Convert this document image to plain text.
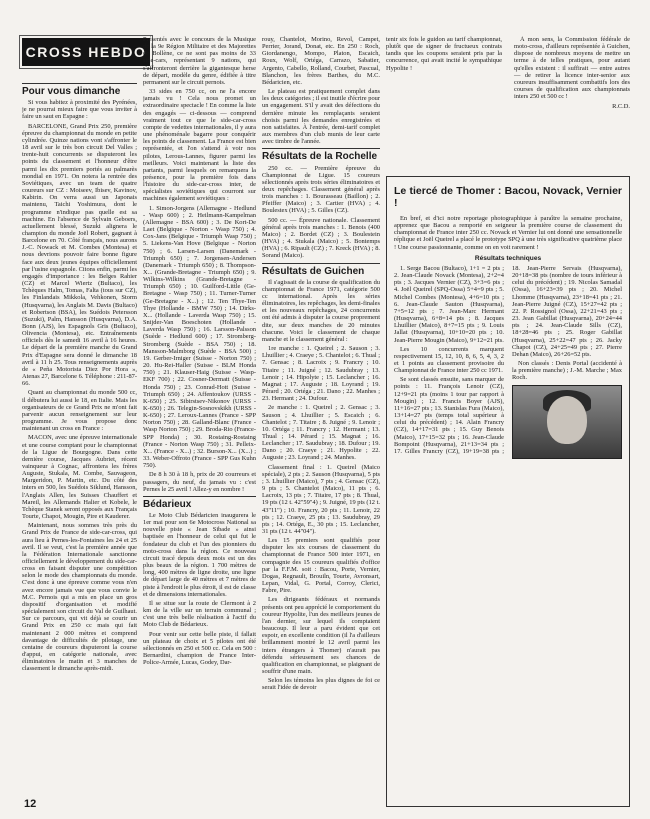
CROSS HEBDO
Pour vous dimanche

Si vous habitez à proximité des Pyrénées, je ne pourrai mieux faire que vous inviter à faire un saut en Espagne :

BARCELONE, Grand Prix 250, première épreuve du championnat du monde en petite cylindrée. Quinze nations vont s'affronter le 18 avril sur le très bon circuit Del Valles ; trente-huit concurrents se disputeront les points du classement et l'honneur d'être parmi les dix premiers portés au palmarès mondial en 1971. On notera la rentrée des Soviétiques, avec un team de quatre coureurs sur CZ : Moiseev, Ibisev, Kavinov, Kabirin. On verra aussi un Japonais maintenu, Taichi Yoshimura, dont le programme n'indique pas quelle est sa machine. En l'absence de Sylvain Geboers, actuellement blessé, Suzuki alignera le champion du monde Joël Robert, gagnant à Barcelone en 70. Côté français, nous aurons J.-C. Nowack et M. Combes (Montesa) et nous devrions pouvoir faire bonne figure face aux deux jeunes équipes officiellement par l'usine espagnole. Citons enfin, parmi les engagés d'importance : les Belges Rahier (CZ) et Marcel Wiertz (Bultaco), les Tchèques Halm, Tomas, Falta (tous sur CZ), les Finlandais Mikkola, Vehkonen, Storm (Husqvarna), les Anglais M. Davis (Bultaco) et Robertson (BSA), les Suédois Petersson (Suzuki), Palm, Hansson (Husqvarna), D.A. Bonn (AJS), les Espagnols Gris (Bultaco), Olivencia (Montesa), etc. Entraînements officiels dès le samedi 16 avril à 16 heures. Le départ de la première manche du Grand Prix d'Espagne sera donné le dimanche 18 avril à 11 h 25. Tous renseignements auprès de « Peña Motorista Diez Por Hora », Atenas 27, Barcelone 6. Téléphone : 211-87-66.

Quant au championnat du monde 500 cc, il débutera lui aussi le 18, en Italie. Mais les organisateurs de ce Grand Prix ne m'ont fait parvenir aucun renseignement sur leur programme. Je vous propose donc maintenant un cross en France :

MACON, avec une épreuve internationale et une course comptant pour le championnat de la Ligue de Bourgogne. Dans cette dernière course, Jacques Aubriet, récent vainqueur à Cognac, affrontera les frères Auguste, Stukala, M. Combe, Sauvageon, Margeridon, P. Martin, etc. Du côté des inters en 500, les Suédois Siklund, Hansson, l'Anglais Allen, les Suisses Chauffert et Mareil, les Allemands Halier et Kobele, le Tchèque Stanek seront opposés aux Français Tourte, Chapot, Mougin, Pire et Kauderer.

Maintenant, nous sommes très près du Grand Prix de France de side-car-cross, qui aura lieu à Pernes-les-Fontaines les 24 et 25 avril. Il se veut, c'est la première année que la Fédération Internationale sanctionne officiellement le développement du side-car-cross en faisant disputer une compétition selon le mode des championnats du monde. C'est donc à une épreuve comme vous n'en avez encore jamais vue que vous convie le M.C. Pernois qui a mis en place un gros dispositif d'organisation et modifié spécialement son circuit du Val de Guilhaut. Sur ce parcours, qui vit déjà se courir un Grand Prix en 250 cc mais qui fait maintenant 2 000 mètres et comprend davantage de difficultés de pilotage, une centaine de coureurs disputeront la course d'appui, en catégorie nationale, avec éliminatoires le matin et 3 manches de classement le dimanche après-midi.

Présentés avec le concours de la Musique de la 9e Région Militaire et des Majorettes de Bollène, ce ne sont pas moins de 33 side-cars, représentant 9 nations, qui s'affronteront derrière la gigantesque herse de départ, modèle du genre, édifiée à titre permanent sur le circuit pernois.

33 sides en 750 cc, on ne l'a encore jamais vu ! Cela nous promet un extraordinaire spectacle ! En comme la liste des engagés — ci-dessous — comprend vraiment tout ce que le side-car-cross compte de vedettes internationales, il y aura une phénoménale bagarre pour conquérir les points de classement. La France est bien représentée, et l'on s'attend à voir nos pilotes, Lerous-Lannes, figurer parmi les meilleurs. Voici maintenant la liste des partants, parmi lesquels on remarquera la présence, pour la première fois dans l'histoire du side-car-cross inter, de spécialistes soviétiques qui courront sur machines également soviétiques :

1. Simon-Jorgens (Allemagne - Hedlund - Wasp 600) ; 2. Heilmann-Kampelman (Allemagne - BSA 600) ; 3. De Kort-De Laet (Belgique - Norton - Wasp 750) ; 4. Cox-Jans (Belgique - Triumph Wasp 750) ; 5. Liekens-Van Hove (Belgique - Norton 750) ; 6. Larsen-Larsen (Danemark - Triumph 650) ; 7. Jorgensen-Andersen (Danemark - Triumph 650) ; 8. Thompson-X... (Grande-Bretagne - Triumph 650) ; 9. Wilkins-Wilkins (Grande-Bretagne - Triumph 650) ; 10. Guilford-Little (Ge-Bretagne - Wasp 750) ; 11. Turner-Turner (Ge-Bretagne - X...) ; 12. Ten Thye-Ten Thye (Hollande - BMW 750) ; 14. Dirks-X... (Hollande - Laverda Wasp 750) ; 15. Snijder-Van Boeschoten (Hollande - Laverda Wasp 750) ; 16. Larsson-Palsson (Suède - Hedlund 600) ; 17. Stromberg-Stromberg (Suède - BSA 750) ; 18. Mansson-Malmborg (Suède - BSA 500) ; 19. Gerber-Irniger (Suisse - Norton 750) ; 20. Hu-Rei-Haller (Suisse - BLM Honda 750) ; 21. Klauser-Haig (Suisse - Wasp-EKF 700) ; 22. Cosner-Dermatt (Suisse - Honda 750) ; 23. Conrad-Hott (Suisse - Triumph 650) ; 24. Affentoukov (URSS - K-650) ; 25. Sibirstsev-Nikonov (URSS - K-650) ; 26. Telegin-Sosnovskikh (URSS - K-650) ; 27. Leroux-Lannes (France - SPP Norton 750) ; 28. Galland-Blanc (France - Wasp Norton 750) ; 29. Broda-Rio (France-SPP Honda) ; 30. Rostaing-Rostaing (France - Norton Wasp 750) ; 31. Pelleix-X... (France - X...) ; 32. Burson-X... (X...) ; 33. Weber-Offroto (France - SPP Gus Kuhn 750).

De 8 h 30 à 18 h, prix de 20 courreurs et passagers, du neuf, du jamais vu : c'est Pernes le 25 avril ! Allez-y en nombre !

Bédarieux

Le Moto Club Bédaricien inaugurera le 1er mai pour son 6e Motocross National sa nouvelle piste « Jean Sibade » ainsi baptisée en l'honneur de celui qui fut le fondateur du club et l'un des pionniers du moto-cross dans la région. Ce nouveau circuit tracé depuis deux mois est un des plus beaux de la région. 1 700 mètres de long, 400 mètres de ligne droite, une ligne de départ large de 40 mètres et 7 mètres de piste à l'endroit le plus étroit, il est de classe et de dimensions internationales.

Il se situe sur la route de Clermont à 2 km de la ville sur un terrain communal ; c'est une très belle réalisation à l'actif du Moto Club de Bédarieux.

Pour venir sur cette belle piste, il fallait un plateau de choix et 5 pilotes ont été sélectionnés en 250 et 500 cc. Cela en 500 : Bernardini, champion de France Inter-Police-Armée, Lucas, Godey, Dar-

rouy, Chantelot, Morino, Revol, Campet, Perrier, Jorand, Donat, etc. En 250 : Roch, Giordanengo, Mompo, Platon, Escaich, Roux, Wolf, Ortéga, Carrazo, Sabatier, Argento, Cabello, Rolland, Courbet, Pascual, Blanchon, les frères Barthes, du M.C. Bédaricien, etc.

Le plateau est pratiquement complet dans les deux catégories ; il est inutile d'écrire pour un engagement. S'il y avait des défections du dernière minute les remplaçants seraient choisis parmi les demandes enregistrées et non satisfaites. À l'entrée, demi-tarif complet aux membres d'un club munis de leur carte avec timbre de l'année.

Résultats de la Rochelle

250 cc. — Première épreuve du Championnat de Ligue. 15 coureurs sélectionnés après trois séries éliminatoires et deux repêchages. Classement général après trois manches : 1. Bourasseau (Baillon) ; 2. Pfeiffer (Maico) ; 3. Cartier (HVA) ; 4. Boulestex (HVA) ; 5. Gilles (CZ).

500 cc. — Épreuve nationale. Classement général après trois manches : 1. Benois (400 Maico) ; 2. Bordet (CZ) ; 3. Boulestein (HVA) ; 4. Stukala (Maico) ; 5. Bontemps (HVA) ; 6. Ripault (CZ) ; 7. Kreck (HVA) ; 8. Sorand (Maico).

Résultats de Guichen

Il s'agissait de la course de qualification du championnat de France 1971, catégorie 500 cc international. Après les séries éliminatoires, les repêchages, les demi-finales et les nouveaux repêchages, 24 concurrents ont été admis à disputer la course proprement dite, sur deux manches de 20 minutes chacune. Voici le classement de chaque manche et le classement général :

1re manche : 1. Queirel ; 2. Sauson ; 3. Lhuillier ; 4. Craeye ; 5. Chantelot ; 6. Thual ; 7. Gensac ; 8. Lacroix ; 9. Francry ; 10. Titaire ; 11. Juigné ; 12. Saudubray ; 13. Lenoir ; 14. Hipolyte ; 15. Leclancher ; 16. Magnat ; 17. Auguste ; 18. Loyrand ; 19. Pérard ; 20. Ortéga ; 21. Dano ; 22. Manhes ; 23. Hermant ; 24. Dufour.

2e manche : 1. Queirel ; 2. Gensac ; 3. Sauson ; 4. Lhuillier ; 5. Escaich ; 6. Chantelot ; 7. Titaire ; 8. Juigné ; 9. Lenoir ; 10. Ortéga ; 11. Francry ; 12. Hermant ; 13. Thual ; 14. Pérard ; 15. Magnat ; 16. Leclancher ; 17. Saudubray ; 18. Dufour ; 19. Dano ; 20. Craeye ; 21. Hypolite ; 22. Auguste ; 23. Loyrand ; 24. Manhes.

Classement final : 1. Queirel (Maico spéciale), 2 pts ; 2. Sauson (Husqvarna), 5 pts ; 3. Lhuillier (Maico), 7 pts ; 4. Gensac (CZ), 9 pts ; 5. Chantelot (Maico), 11 pts ; 6. Lacroix, 13 pts ; 7. Titaire, 17 pts ; 8. Thual, 19 pts (12 t. 42"59"4) ; 9. Juigné, 19 pts (12 t. 43"11") ; 10. Francry, 20 pts ; 11. Lenoir, 22 pts ; 12. Craeye, 25 pts ; 13. Saudubray, 29 pts ; 14. Ortéga, E., 30 pts ; 15. Leclancher, 31 pts (12 t. 44"04").

Les 15 premiers sont qualifiés pour disputer les six courses de classement du championnat de France 500 inter 1971, en compagnie des 15 coureurs qualifiés d'office par la F.F.M. soit : Bacou, Porte, Vernier, Dogas, Regnault, Brouiln, Tourte, Avronsart, Lepan, Vidal, G. Portal, Corroy, Clerici, Fabre, Pire.

Les dirigeants fédéraux et normands présents ont peu apprécié le comportement du coureur Hypolite, l'un des meilleurs jeunes de l'an dernier, sur lequel ils comptaient beaucoup. Il leur a paru évident que cet espoir, en excellente condition (il l'a d'ailleurs brillamment montré le 12 avril parmi les inters étrangers à Thomer) n'aurait pas défendu sérieusement ses chances de qualification en championnat, se plaignant de souffrir d'une main.

Selon les témoins les plus dignes de foi ce serait l'idée de devoir

tenir six fois le guidon au tarif championnat, plutôt que de signer de fructueux contrats tandis que les coupons seraient pris par la concurrence, qui avait incité le sympathique Hypolite !

À mon sens, la Commission fédérale de moto-cross, d'ailleurs représentée à Guichen, dispose de nombreux moyens de mettre un terme à de telles pratiques, pour autant qu'elles existent : il suffirait — entre autres — de retirer la licence inter-senior aux coureurs insuffisamment combattifs lors des courses de qualification aux championnats inters 250 et 500 cc !

R.C.D.
Le tiercé de Thomer : Bacou, Novack, Vernier !

En bref, et d'ici notre reportage photographique à paraître la semaine prochaine, apprenez que Bacou a remporté en seigneur la première course de classement du championnat de France inter 250 cc. Novack et Vernier lui ont donné une sensationnelle réplique et Joël Queirel a placé le prototype SPQ à une très significative quatrième place ! Une course passionnante, comme on en voit rarement !

Résultats techniques

1. Serge Bacou (Bultaco), 1+1 = 2 pts ; 2. Jean-Claude Novack (Montesa), 2+2=4 pts ; 3. Jacques Vernier (CZ), 3+3=6 pts ; 4. Joël Queirel (SPQ-Ossa) 5+4=9 pts ; 5. Michel Combes (Montesa), 4+6=10 pts ; 6. Jean-Claude Sauton (Husqvarna), 7+5=12 pts ; 7. Jean-Marc Hermant (Husqvarna), 6+8=14 pts ; 8. Jacques Lhuillier (Maico), 8+7=15 pts ; 9. Louis Jallat (Husqvarna), 10+10=20 pts ; 10. Jean-Pierre Mougin (Maico), 9+12=21 pts.

Les 10 concurrents marquent respectivement 15, 12, 10, 8, 6, 5, 4, 3, 2 et 1 points au classement provisoire du Championnat de France inter 250 cc 1971.

Se sont classés ensuite, sans marquer de points : 11. François Lenoir (CZ), 12+9=21 pts (moins 1 tour par rapport à Mougin) ; 12. Francis Boyer (AJS), 11+16=27 pts ; 13. Stanislas Fura (Maico), 13+14=27 pts (temps total supérieur à celui du précédent) ; 14. Alain Francry (CZ), 14+17=31 pts ; 15. Guy Benois (Maico), 17+15=32 pts ; 16. Jean-Claude Bompoint (Husqvarna), 21+13=34 pts ; 17. Gilles Francry (CZ), 19+19=38 pts ; 18. Jean-Pierre Servais (Husqvarna), 20+18=38 pts (nombre de tours inférieur à celui du précédent) ; 19. Nicolas Samadal (Ossa), 16+23=39 pts ; 20. Michel Lhomme (Husqvarna), 23+18=41 pts ; 21. Jean-Pierre Juigné (CZ), 15+27=42 pts ; 22. P. Rossignol (Ossa), 22+21=43 pts ; 23. Jean Gabillat (Husqvarna), 20+24=44 pts ; 24. Jean-Claude Sills (CZ), 18+28=46 pts ; 25. Roger Gabillat (Husqvarna), 25+22=47 pts ; 26. Jacky Chapot (CZ), 24+25=49 pts ; 27. Pierre Dehan (Maico), 26+26=52 pts.

Non classés : Denis Portal (accidenté à la première manche) ; J.-M. Marche ; Max Roch.

12
